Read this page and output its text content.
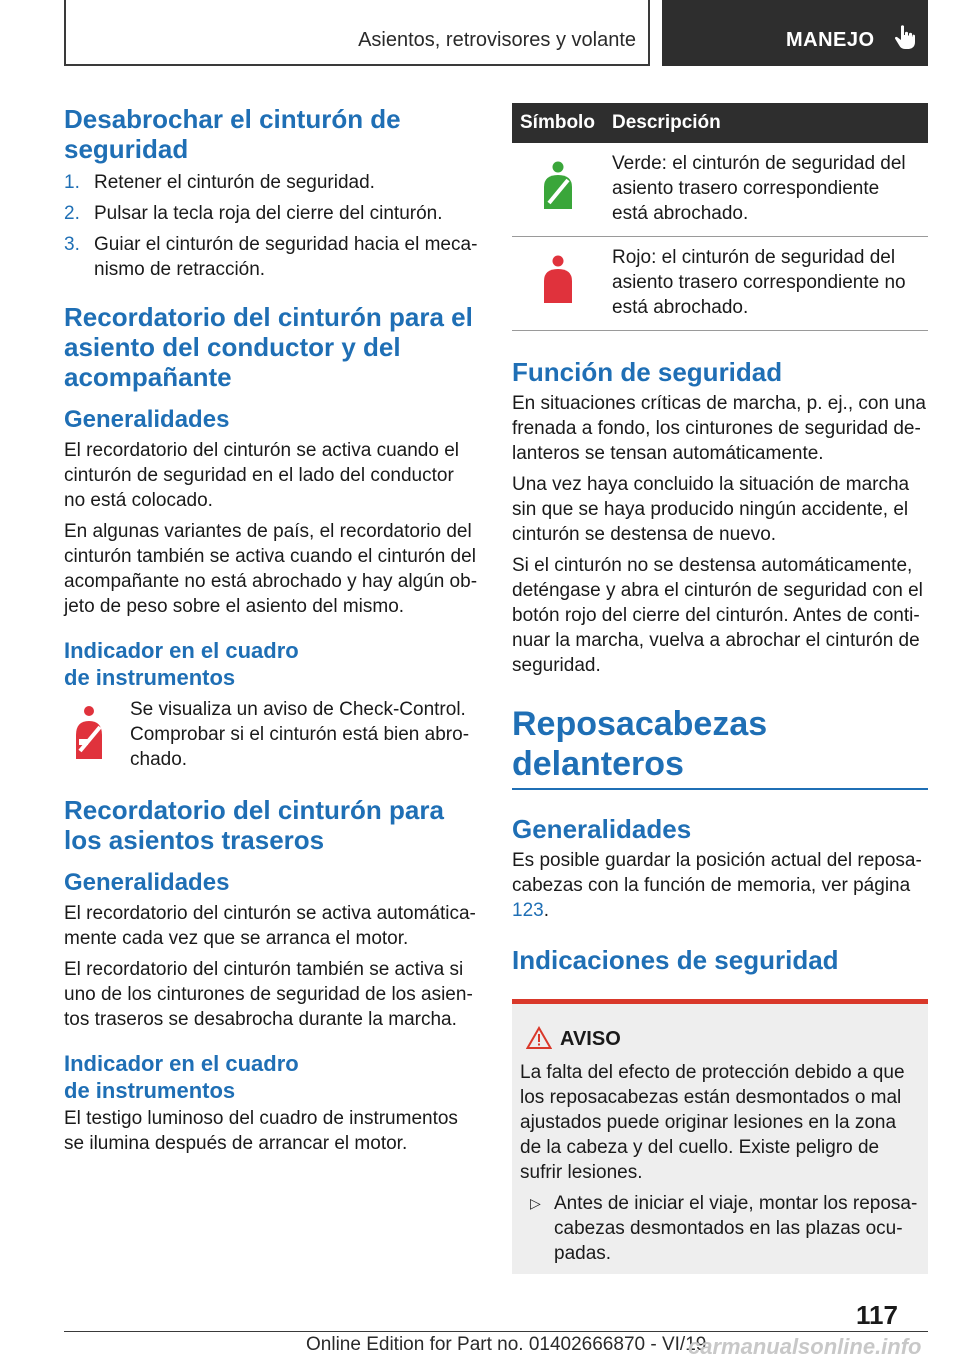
Asientos, retrovisores y volante	MANEJO
Desabrochar el cinturón de seguridad
1. Retener el cinturón de seguridad.
2. Pulsar la tecla roja del cierre del cinturón.
3. Guiar el cinturón de seguridad hacia el mecanismo de retracción.
Recordatorio del cinturón para el asiento del conductor y del acompañante
Generalidades

El recordatorio del cinturón se activa cuando el cinturón de seguridad en el lado del conductor no está colocado.

En algunas variantes de país, el recordatorio del cinturón también se activa cuando el cinturón del acompañante no está abrochado y hay algún objeto de peso sobre el asiento del mismo.

Indicador en el cuadro de instrumentos

Se visualiza un aviso de Check-Control. Comprobar si el cinturón está bien abrochado.

Recordatorio del cinturón para los asientos traseros
Generalidades

El recordatorio del cinturón se activa automáticamente cada vez que se arranca el motor.

El recordatorio del cinturón también se activa si uno de los cinturones de seguridad de los asientos traseros se desabrocha durante la marcha.

Indicador en el cuadro de instrumentos

El testigo luminoso del cuadro de instrumentos se ilumina después de arrancar el motor.

Símbolo	Descripción
	Verde: el cinturón de seguridad del asiento trasero correspondiente está abrochado.
	Rojo: el cinturón de seguridad del asiento trasero correspondiente no está abrochado.
Función de seguridad

En situaciones críticas de marcha, p. ej., con una frenada a fondo, los cinturones de seguridad delanteros se tensan automáticamente.

Una vez haya concluido la situación de marcha sin que se haya producido ningún accidente, el cinturón se destensa de nuevo.

Si el cinturón no se destensa automáticamente, deténgase y abra el cinturón de seguridad con el botón rojo del cierre del cinturón. Antes de continuar la marcha, vuelva a abrochar el cinturón de seguridad.

Reposacabezas delanteros
Generalidades

Es posible guardar la posición actual del reposacabezas con la función de memoria, ver página 123.

Indicaciones de seguridad
AVISO

La falta del efecto de protección debido a que los reposacabezas están desmontados o mal ajustados puede originar lesiones en la zona de la cabeza y del cuello. Existe peligro de sufrir lesiones.

▷ Antes de iniciar el viaje, montar los reposacabezas desmontados en las plazas ocupadas.
117
Online Edition for Part no. 01402666870 - VI/19
carmanualsonline.info
